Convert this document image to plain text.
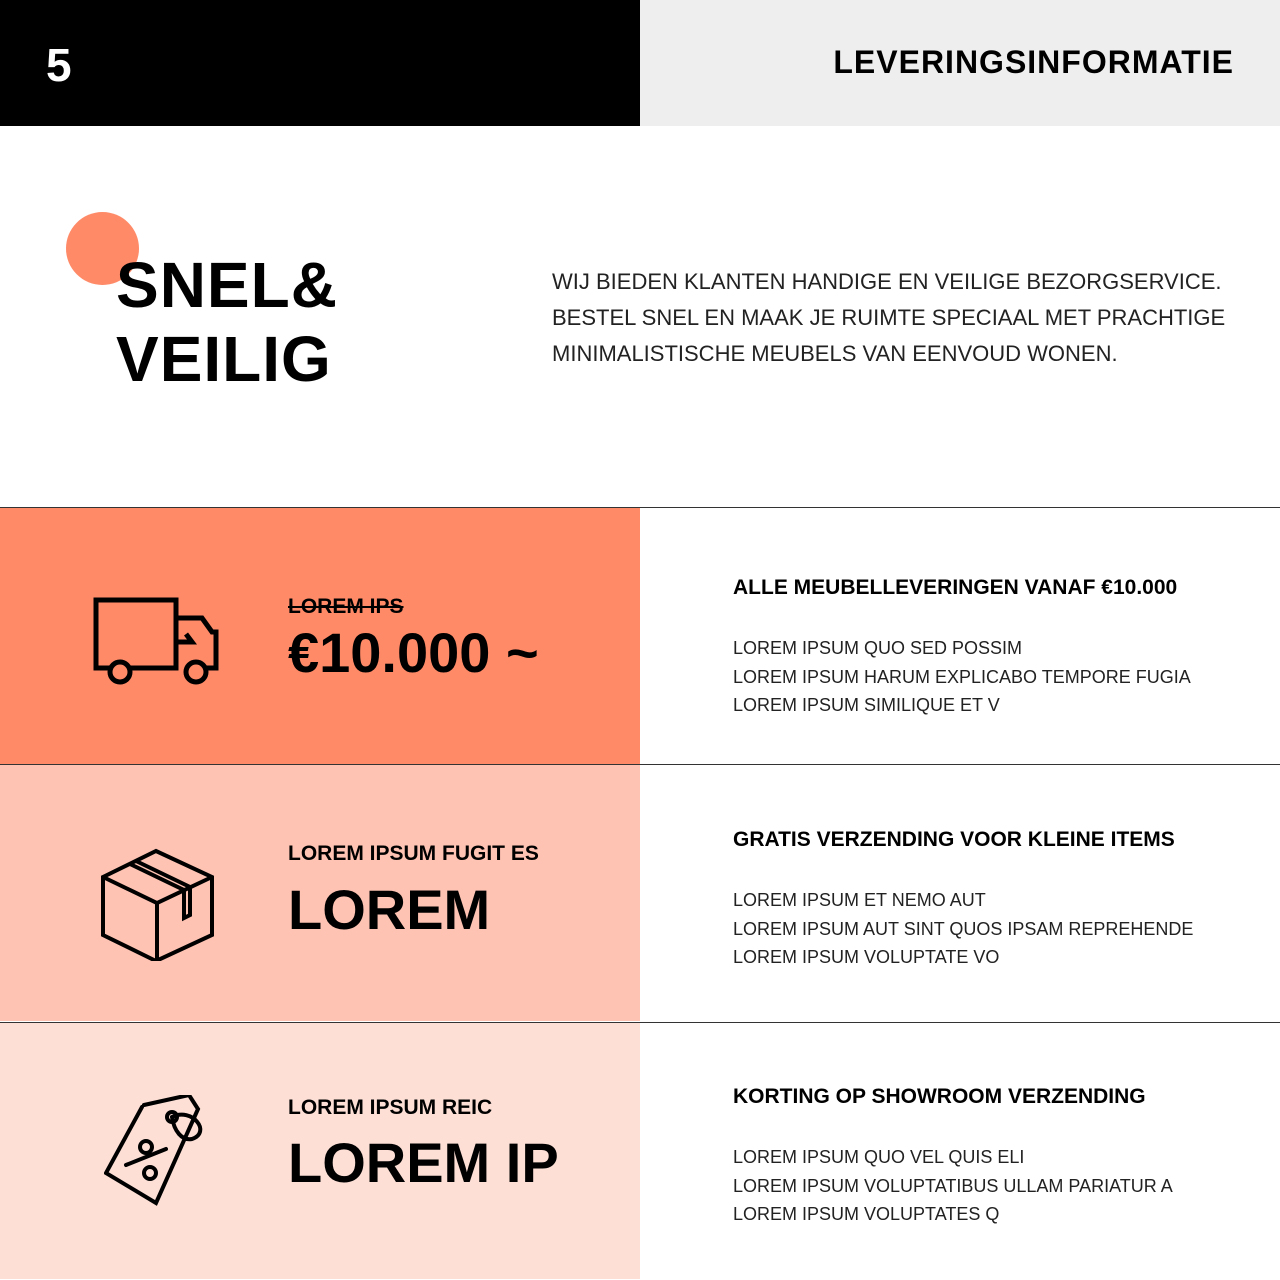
5	LEVERINGSINFORMATIE
SNEL&
VEILIG
WIJ BIEDEN KLANTEN HANDIGE EN VEILIGE BEZORGSERVICE.
BESTEL SNEL EN MAAK JE RUIMTE SPECIAAL MET PRACHTIGE
MINIMALISTISCHE MEUBELS VAN EENVOUD WONEN.
LOREM IPS
€10.000 ~
ALLE MEUBELLEVERINGEN VANAF €10.000
LOREM IPSUM QUO SED POSSIM
LOREM IPSUM HARUM EXPLICABO TEMPORE FUGIA
LOREM IPSUM SIMILIQUE ET V
LOREM IPSUM FUGIT ES
LOREM
GRATIS VERZENDING VOOR KLEINE ITEMS
LOREM IPSUM ET NEMO AUT
LOREM IPSUM AUT SINT QUOS IPSAM REPREHENDE
LOREM IPSUM VOLUPTATE VO
LOREM IPSUM REIC
LOREM IP
KORTING OP SHOWROOM VERZENDING
LOREM IPSUM QUO VEL QUIS ELI
LOREM IPSUM VOLUPTATIBUS ULLAM PARIATUR A
LOREM IPSUM VOLUPTATES Q
